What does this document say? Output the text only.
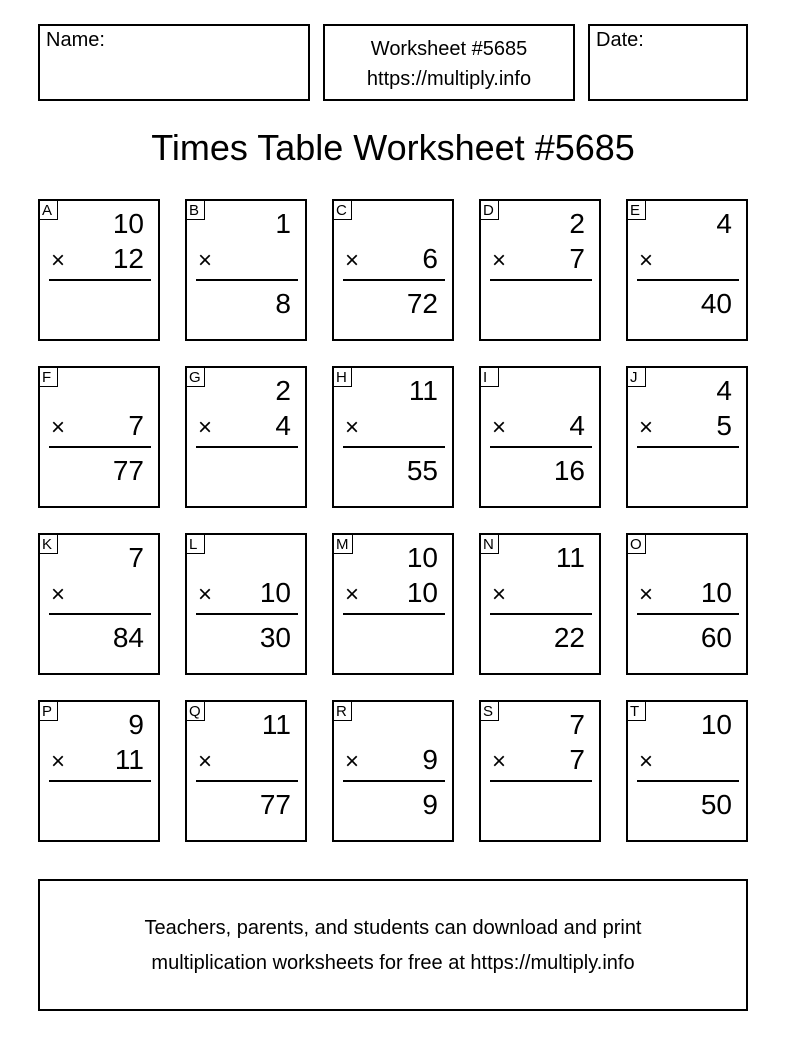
Name:	Worksheet #5685
https://multiply.info
Date:
Times Table Worksheet #5685
A 10
× 12
B	1
×
8
C
× 6
72
D	2
× 7
E	4
×
40
F
× 7
77
G	2
× 4
H 11
×
55
I
× 4
16
J	4
× 5
K	7
×
84
L
× 10
30
M 10
× 10
N 11
×
22
O
× 10
60
P	9
× 11
Q 11
×
77
R
× 9
9
S	7
× 7
T 10
×
50
Teachers, parents, and students can download and print
multiplication worksheets for free at https://multiply.info
